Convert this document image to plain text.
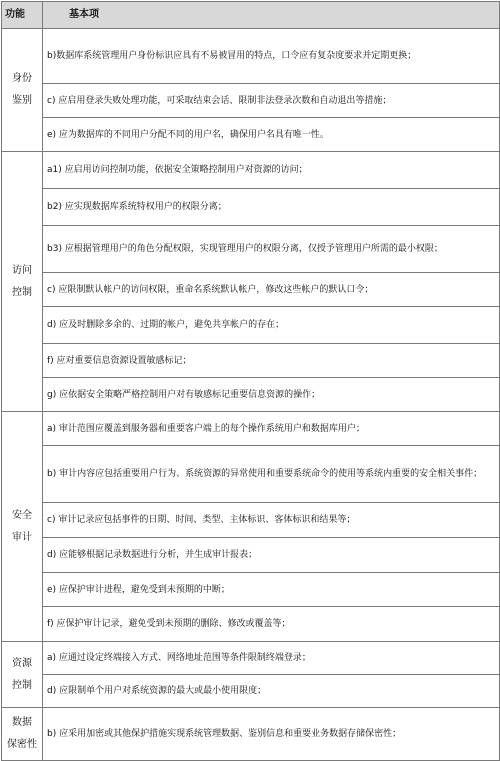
功能	基本项

身份
鉴别	b)数据库系统管理用户身份标识应具有不易被冒用的特点，口令应有复杂度要求并定期更换；
	c) 应启用登录失败处理功能，可采取结束会话、限制非法登录次数和自动退出等措施；
	e) 应为数据库的不同用户分配不同的用户名，确保用户名具有唯一性。

访问
控制	a1) 应启用访问控制功能，依据安全策略控制用户对资源的访问；
	b2) 应实现数据库系统特权用户的权限分离；
	b3) 应根据管理用户的角色分配权限，实现管理用户的权限分离，仅授予管理用户所需的最小权限；
	c) 应限制默认帐户的访问权限，重命名系统默认帐户，修改这些帐户的默认口令；
	d) 应及时删除多余的、过期的帐户，避免共享帐户的存在；
	f) 应对重要信息资源设置敏感标记；
	g) 应依据安全策略严格控制用户对有敏感标记重要信息资源的操作；

安全
审计	a) 审计范围应覆盖到服务器和重要客户端上的每个操作系统用户和数据库用户；
	b) 审计内容应包括重要用户行为、系统资源的异常使用和重要系统命令的使用等系统内重要的安全相关事件；
	c) 审计记录应包括事件的日期、时间、类型、主体标识、客体标识和结果等；
	d) 应能够根据记录数据进行分析，并生成审计报表；
	e) 应保护审计进程，避免受到未预期的中断；
	f) 应保护审计记录，避免受到未预期的删除、修改或覆盖等；

资源
控制	a) 应通过设定终端接入方式、网络地址范围等条件限制终端登录；
	d) 应限制单个用户对系统资源的最大或最小使用限度；

数据
保密性	b) 应采用加密或其他保护措施实现系统管理数据、鉴别信息和重要业务数据存储保密性；
